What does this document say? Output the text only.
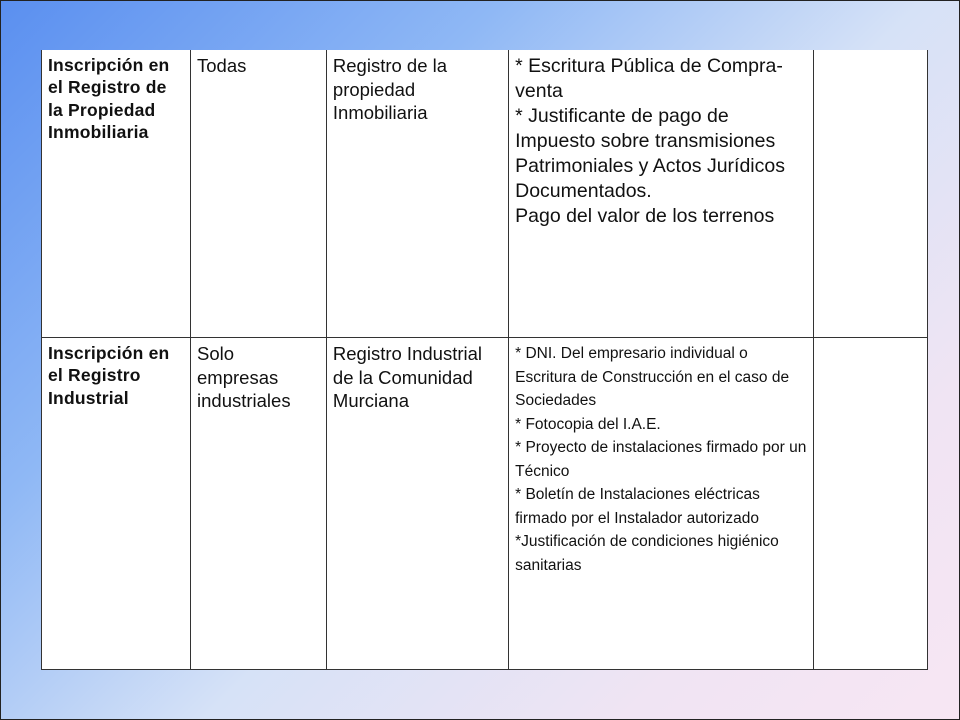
Inscripción en el Registro de la Propiedad Inmobiliaria	Todas	Registro de la propiedad Inmobiliaria	* Escritura Pública de Compra- venta
* Justificante de pago de Impuesto sobre transmisiones Patrimoniales y Actos Jurídicos Documentados.
Pago del valor de los terrenos	

Inscripción en el Registro Industrial	Solo empresas industriales	Registro Industrial de la Comunidad Murciana	* DNI. Del empresario individual o Escritura de Construcción en el caso de Sociedades
* Fotocopia del I.A.E.
* Proyecto de instalaciones firmado por un Técnico
* Boletín de Instalaciones eléctricas firmado por el Instalador autorizado
*Justificación de condiciones higiénico sanitarias	
